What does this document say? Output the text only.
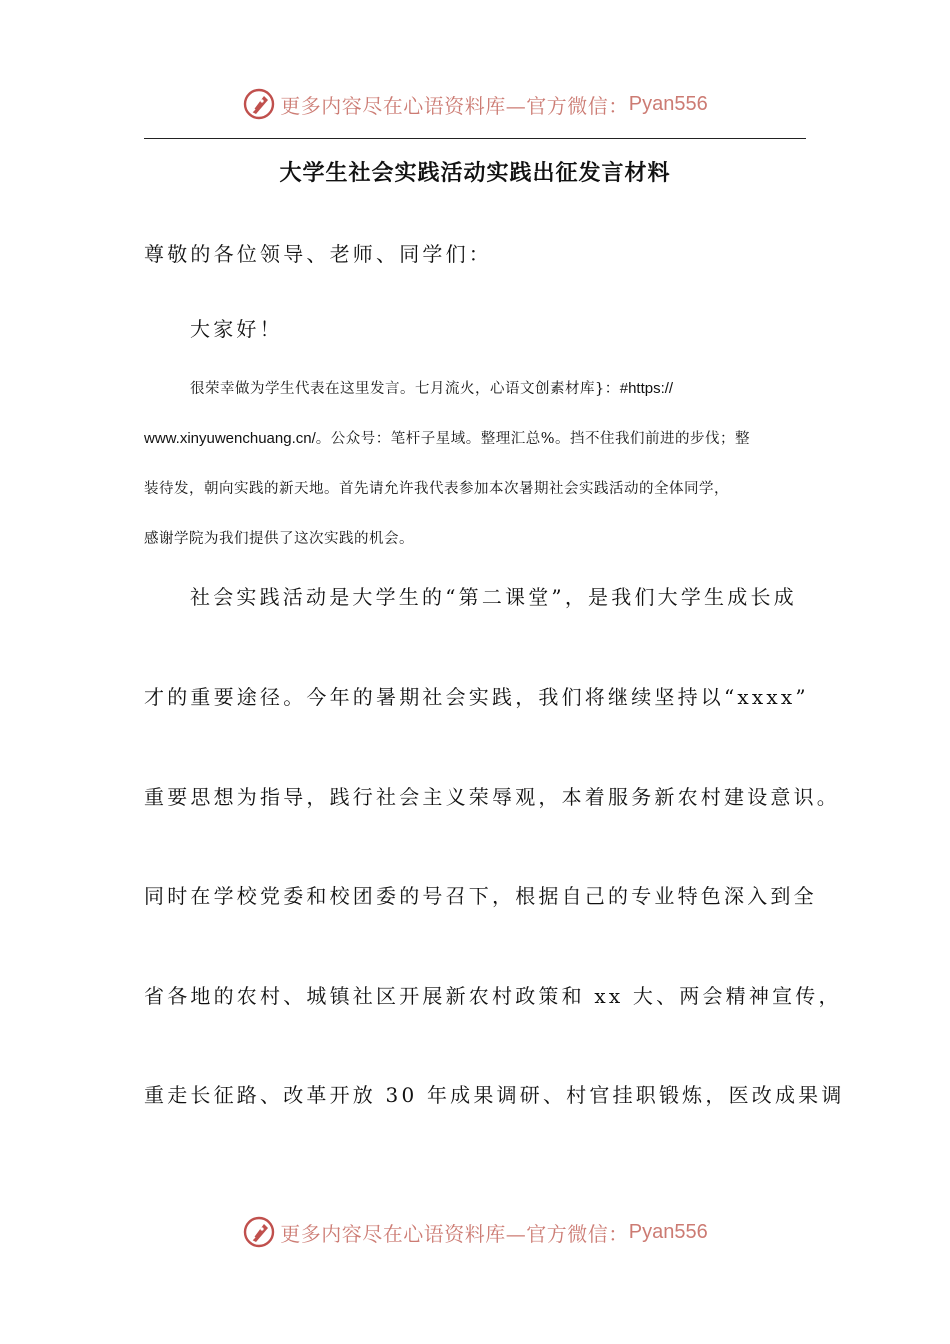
更多内容尽在心语资料库—官方微信： Pyan556
大学生社会实践活动实践出征发言材料
尊敬的各位领导、老师、同学们：
大家好！
很荣幸做为学生代表在这里发言。七月流火，心语文创素材库}：#https://
www.xinyuwenchuang.cn/。公众号：笔杆子星域。整理汇总%。挡不住我们前进的步伐；整
装待发，朝向实践的新天地。首先请允许我代表参加本次暑期社会实践活动的全体同学，
感谢学院为我们提供了这次实践的机会。
社会实践活动是大学生的“第二课堂”，是我们大学生成长成
才的重要途径。今年的暑期社会实践，我们将继续坚持以“xxxx”
重要思想为指导，践行社会主义荣辱观，本着服务新农村建设意识。
同时在学校党委和校团委的号召下，根据自己的专业特色深入到全
省各地的农村、城镇社区开展新农村政策和 xx 大、两会精神宣传，
重走长征路、改革开放 30 年成果调研、村官挂职锻炼，医改成果调
更多内容尽在心语资料库—官方微信： Pyan556
